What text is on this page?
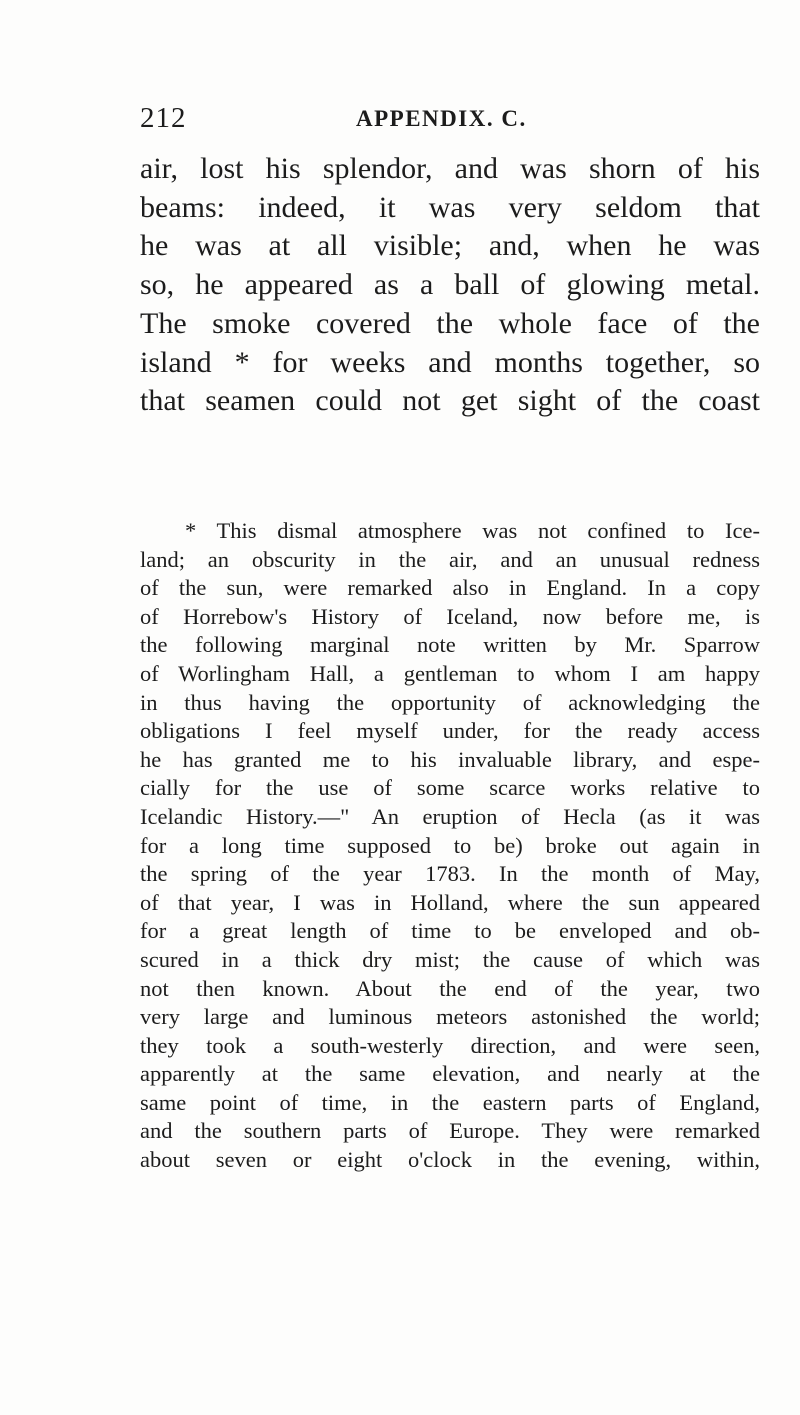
212	APPENDIX. C.
air, lost his splendor, and was shorn of his
beams: indeed, it was very seldom that
he was at all visible; and, when he was
so, he appeared as a ball of glowing metal.
The smoke covered the whole face of the
island * for weeks and months together, so
that seamen could not get sight of the coast
* This dismal atmosphere was not confined to Ice-
land; an obscurity in the air, and an unusual redness
of the sun, were remarked also in England. In a copy
of Horrebow's History of Iceland, now before me, is
the following marginal note written by Mr. Sparrow
of Worlingham Hall, a gentleman to whom I am happy
in thus having the opportunity of acknowledging the
obligations I feel myself under, for the ready access
he has granted me to his invaluable library, and espe-
cially for the use of some scarce works relative to
Icelandic History.—" An eruption of Hecla (as it was
for a long time supposed to be) broke out again in
the spring of the year 1783. In the month of May,
of that year, I was in Holland, where the sun appeared
for a great length of time to be enveloped and ob-
scured in a thick dry mist; the cause of which was
not then known. About the end of the year, two
very large and luminous meteors astonished the world;
they took a south-westerly direction, and were seen,
apparently at the same elevation, and nearly at the
same point of time, in the eastern parts of England,
and the southern parts of Europe. They were remarked
about seven or eight o'clock in the evening, within,
